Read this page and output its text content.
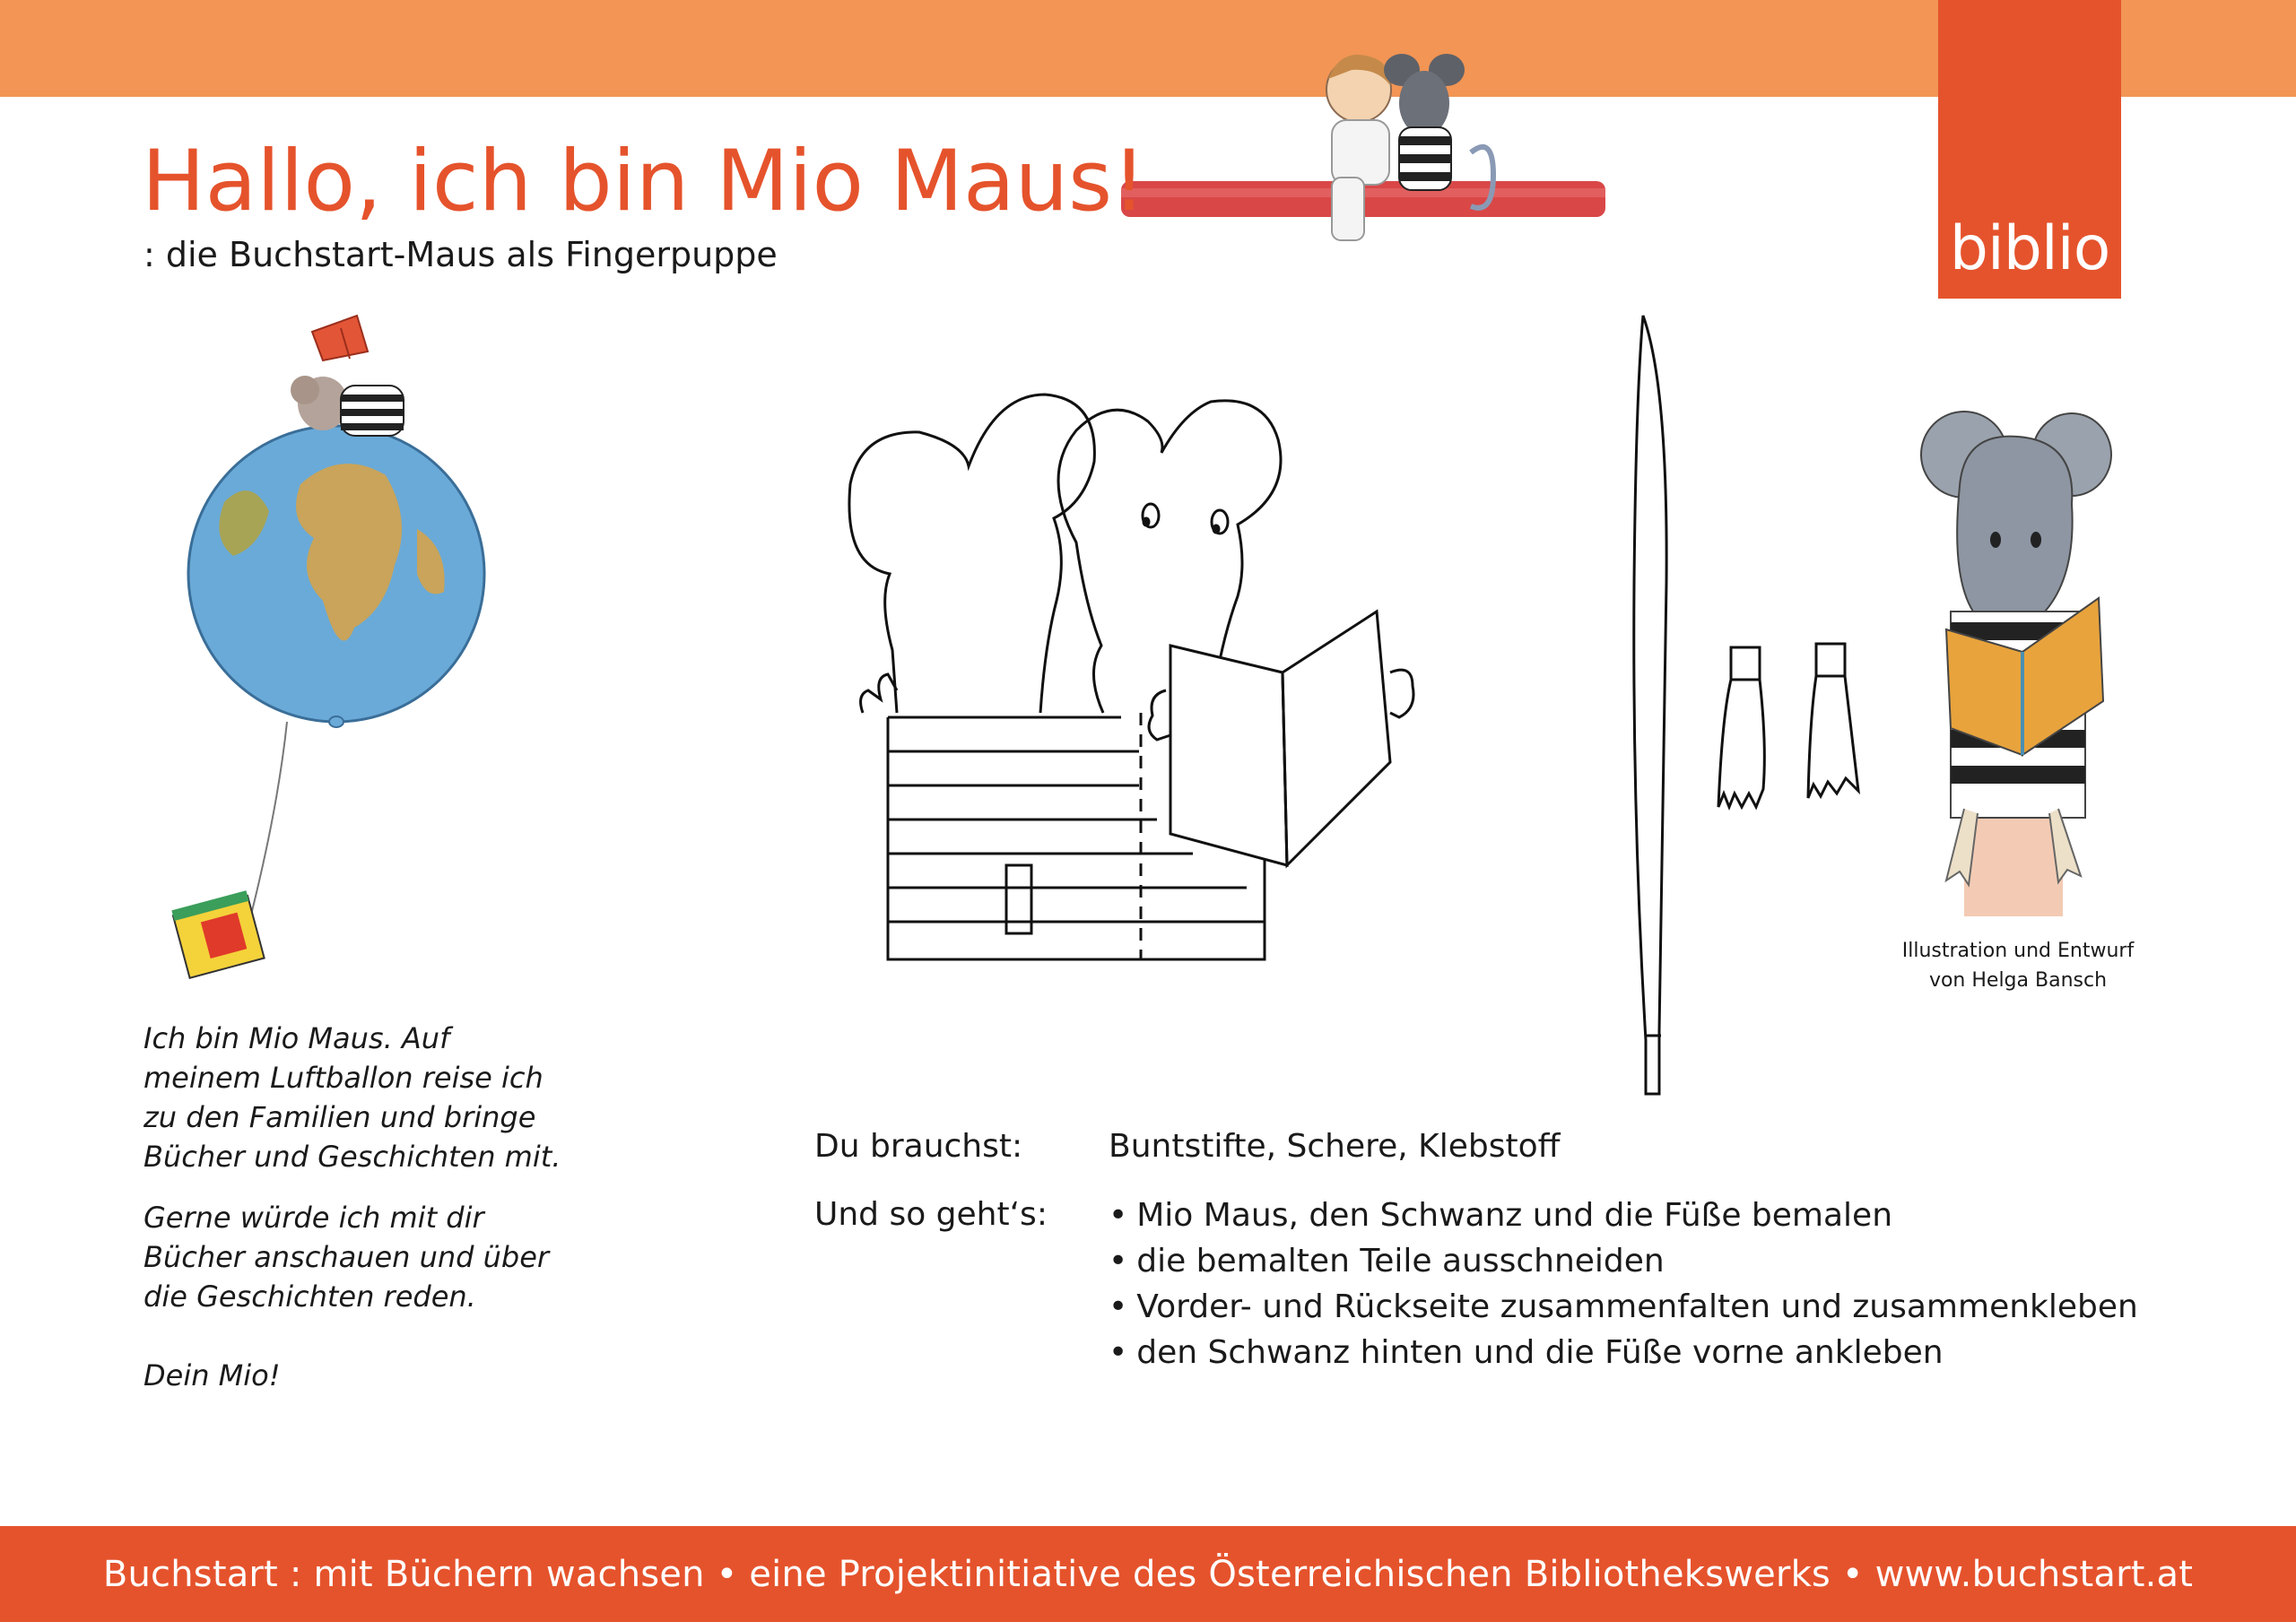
biblio
Hallo, ich bin Mio Maus!
: die Buchstart-Maus als Fingerpuppe

Ich bin Mio Maus. Auf

meinem Luftballon reise ich

zu den Familien und bringe

Bücher und Geschichten mit.

Gerne würde ich mit dir

Bücher anschauen und über

die Geschichten reden.

Dein Mio!
Illustration und Entwurf
von Helga Bansch
Du brauchst:	Buntstifte, Schere, Klebstoff
Und so geht‘s:
•	Mio Maus, den Schwanz und die Füße bemalen
• die bemalten Teile ausschneiden
• Vorder- und Rückseite zusammenfalten und zusammenkleben
• den Schwanz hinten und die Füße vorne ankleben
Buchstart : mit Büchern wachsen • eine Projektinitiative des Österreichischen Bibliothekswerks • www.buchstart.at
